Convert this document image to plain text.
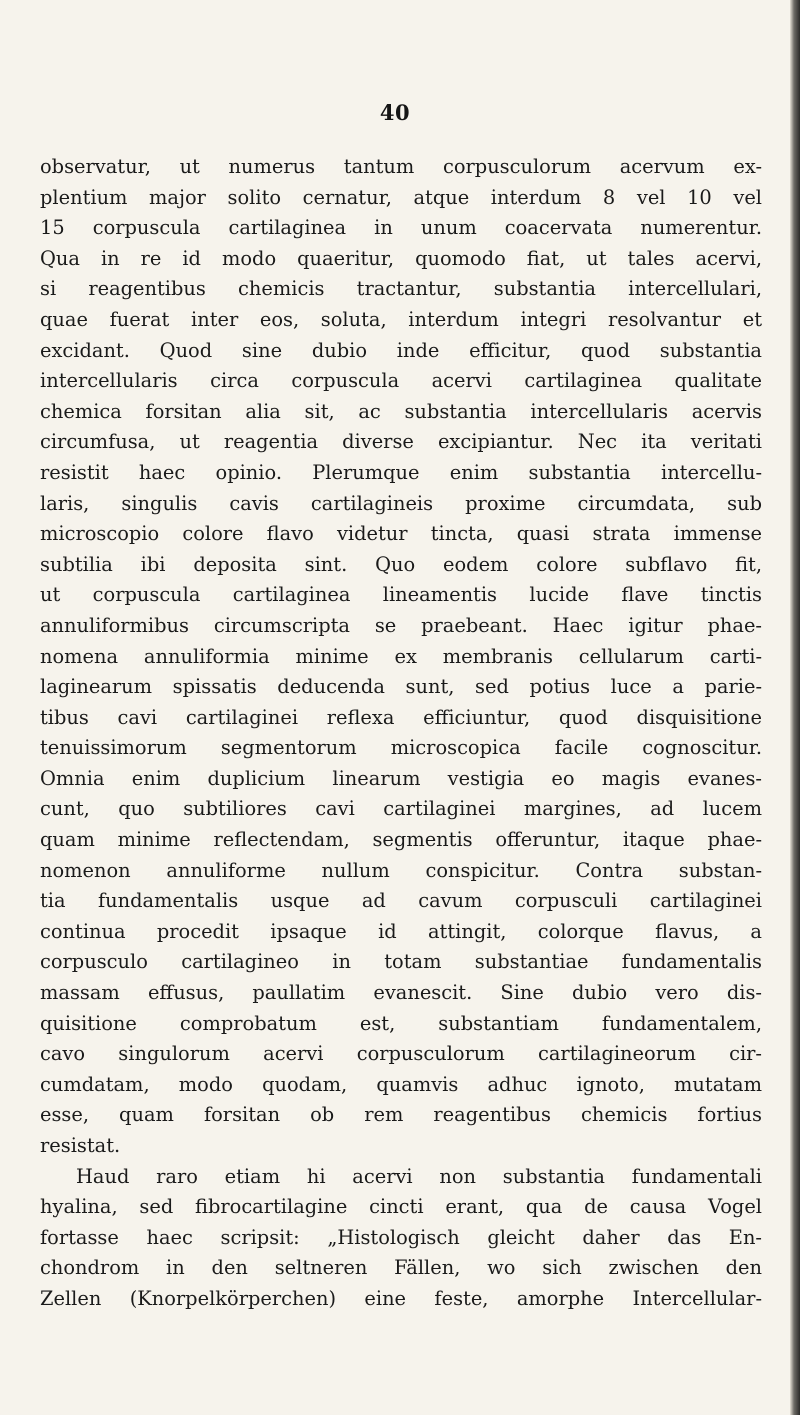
40
observatur, ut numerus tantum corpusculorum acervum ex-
plentium major solito cernatur, atque interdum 8 vel 10 vel
15 corpuscula cartilaginea in unum coacervata numerentur.
Qua in re id modo quaeritur, quomodo fiat, ut tales acervi,
si reagentibus chemicis tractantur, substantia intercellulari,
quae fuerat inter eos, soluta, interdum integri resolvantur et
excidant. Quod sine dubio inde efficitur, quod substantia
intercellularis circa corpuscula acervi cartilaginea qualitate
chemica forsitan alia sit, ac substantia intercellularis acervis
circumfusa, ut reagentia diverse excipiantur. Nec ita veritati
resistit haec opinio. Plerumque enim substantia intercellu-
laris, singulis cavis cartilagineis proxime circumdata, sub
microscopio colore flavo videtur tincta, quasi strata immense
subtilia ibi deposita sint. Quo eodem colore subflavo fit,
ut corpuscula cartilaginea lineamentis lucide flave tinctis
annuliformibus circumscripta se praebeant. Haec igitur phae-
nomena annuliformia minime ex membranis cellularum carti-
laginearum spissatis deducenda sunt, sed potius luce a parie-
tibus cavi cartilaginei reflexa efficiuntur, quod disquisitione
tenuissimorum segmentorum microscopica facile cognoscitur.
Omnia enim duplicium linearum vestigia eo magis evanes-
cunt, quo subtiliores cavi cartilaginei margines, ad lucem
quam minime reflectendam, segmentis offeruntur, itaque phae-
nomenon annuliforme nullum conspicitur. Contra substan-
tia fundamentalis usque ad cavum corpusculi cartilaginei
continua procedit ipsaque id attingit, colorque flavus, a
corpusculo cartilagineo in totam substantiae fundamentalis
massam effusus, paullatim evanescit. Sine dubio vero dis-
quisitione comprobatum est, substantiam fundamentalem,
cavo singulorum acervi corpusculorum cartilagineorum cir-
cumdatam, modo quodam, quamvis adhuc ignoto, mutatam
esse, quam forsitan ob rem reagentibus chemicis fortius
resistat.
Haud raro etiam hi acervi non substantia fundamentali
hyalina, sed fibrocartilagine cincti erant, qua de causa Vogel
fortasse haec scripsit: „Histologisch gleicht daher das En-
chondrom in den seltneren Fällen, wo sich zwischen den
Zellen (Knorpelkörperchen) eine feste, amorphe Intercellular-
